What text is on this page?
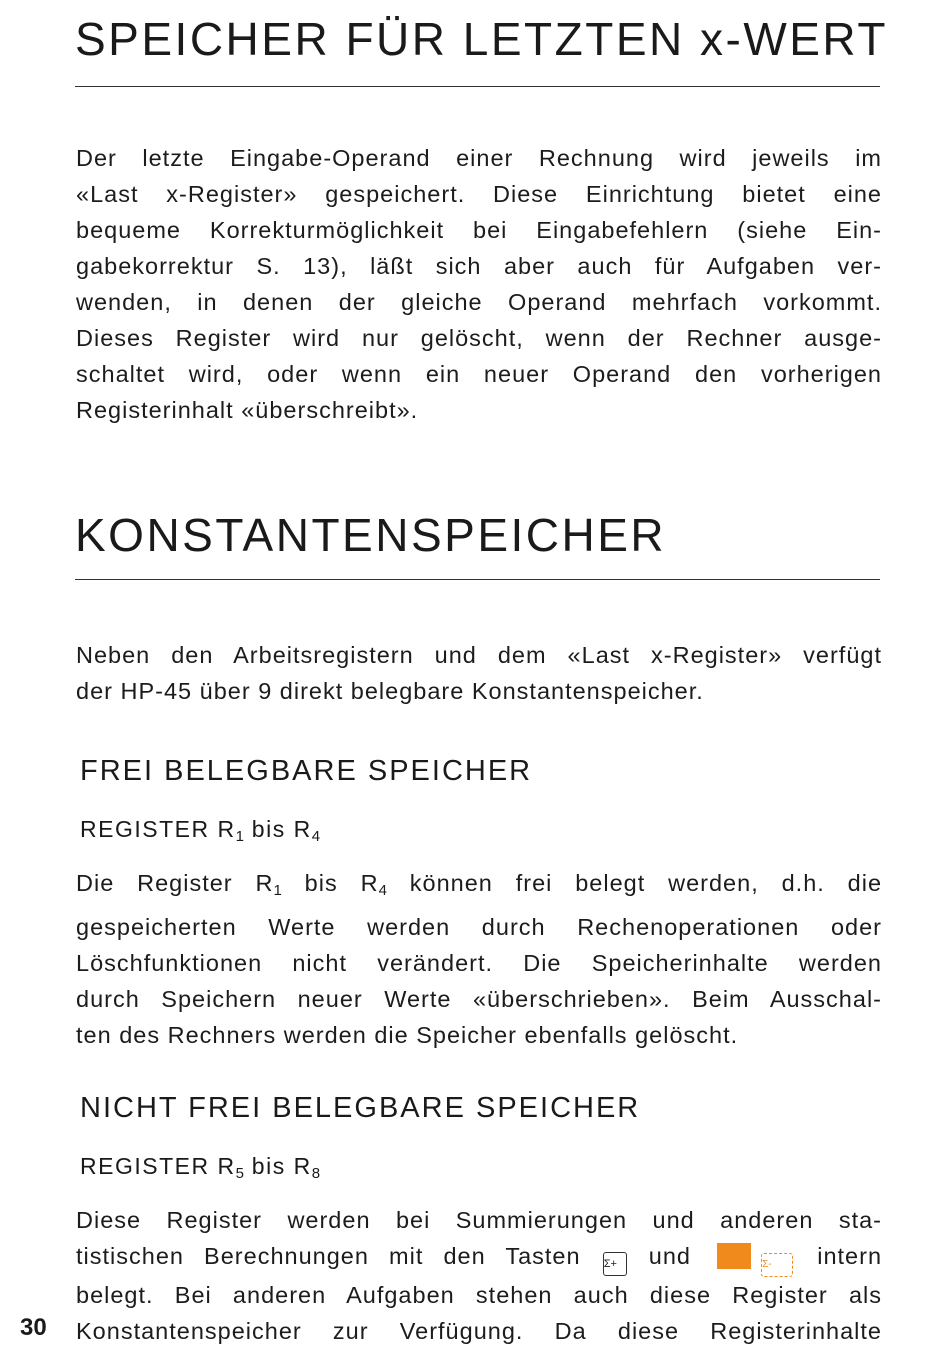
SPEICHER FÜR LETZTEN x-WERT
Der letzte Eingabe-Operand einer Rechnung wird jeweils im
«Last x-Register» gespeichert. Diese Einrichtung bietet eine
bequeme Korrekturmöglichkeit bei Eingabefehlern (siehe Ein-
gabekorrektur S. 13), läßt sich aber auch für Aufgaben ver-
wenden, in denen der gleiche Operand mehrfach vorkommt.
Dieses Register wird nur gelöscht, wenn der Rechner ausge-
schaltet wird, oder wenn ein neuer Operand den vorherigen
Registerinhalt «überschreibt».
KONSTANTENSPEICHER
Neben den Arbeitsregistern und dem «Last x-Register» verfügt
der HP-45 über 9 direkt belegbare Konstantenspeicher.
FREI BELEGBARE SPEICHER
REGISTER $R_1$ bis $R_4$
Die Register $R_1$ bis $R_4$ können frei belegt werden, d.h. die
gespeicherten Werte werden durch Rechenoperationen oder
Löschfunktionen nicht verändert. Die Speicherinhalte werden
durch Speichern neuer Werte «überschrieben». Beim Ausschal-
ten des Rechners werden die Speicher ebenfalls gelöscht.
NICHT FREI BELEGBARE SPEICHER
REGISTER $R_5$ bis $R_8$
Diese Register werden bei Summierungen und anderen sta-
tistischen Berechnungen mit den Tasten Σ+ und	Σ- intern
belegt. Bei anderen Aufgaben stehen auch diese Register als
Konstantenspeicher zur Verfügung. Da diese Registerinhalte
30
